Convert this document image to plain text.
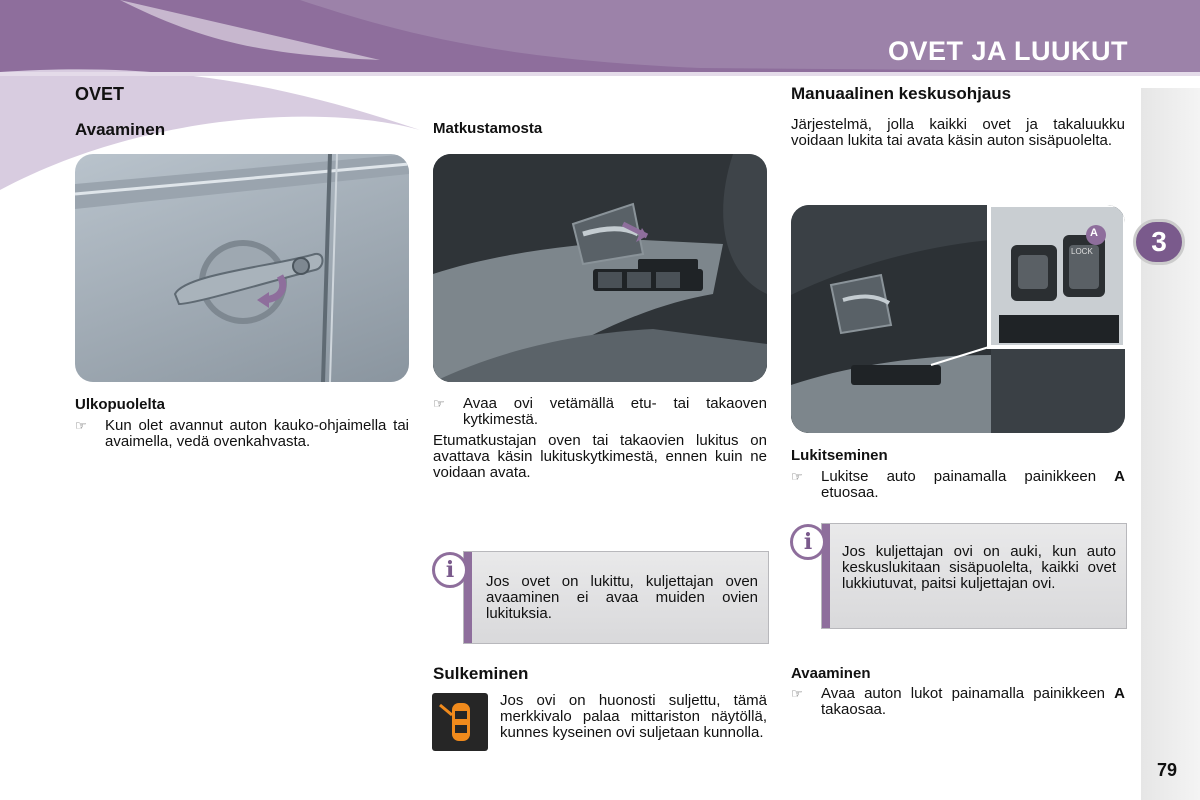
OVET JA LUUKUT
3
79
OVET
Avaaminen
Ulkopuolelta
☞ Kun olet avannut auton kauko-ohjaimella tai avaimella, vedä ovenkahvasta.
Matkustamosta
☞ Avaa ovi vetämällä etu- tai takaoven kytkimestä.
Etumatkustajan oven tai takaovien lukitus on avattava käsin lukituskytkimestä, ennen kuin ne voidaan avata.
Jos ovet on lukittu, kuljettajan oven avaaminen ei avaa muiden ovien lukituksia.
i
Sulkeminen
Jos ovi on huonosti suljettu, tämä merkkivalo palaa mittariston näytöllä, kunnes kyseinen ovi suljetaan kunnolla.
Manuaalinen keskusohjaus
Järjestelmä, jolla kaikki ovet ja takaluukku voidaan lukita tai avata käsin auton sisäpuolelta.
A
LOCK
Lukitseminen
☞ Lukitse auto painamalla painikkeen A etuosaa.
Jos kuljettajan ovi on auki, kun auto keskuslukitaan sisäpuolelta, kaikki ovet lukkiutuvat, paitsi kuljettajan ovi.
i
Avaaminen
☞ Avaa auton lukot painamalla painikkeen A takaosaa.
